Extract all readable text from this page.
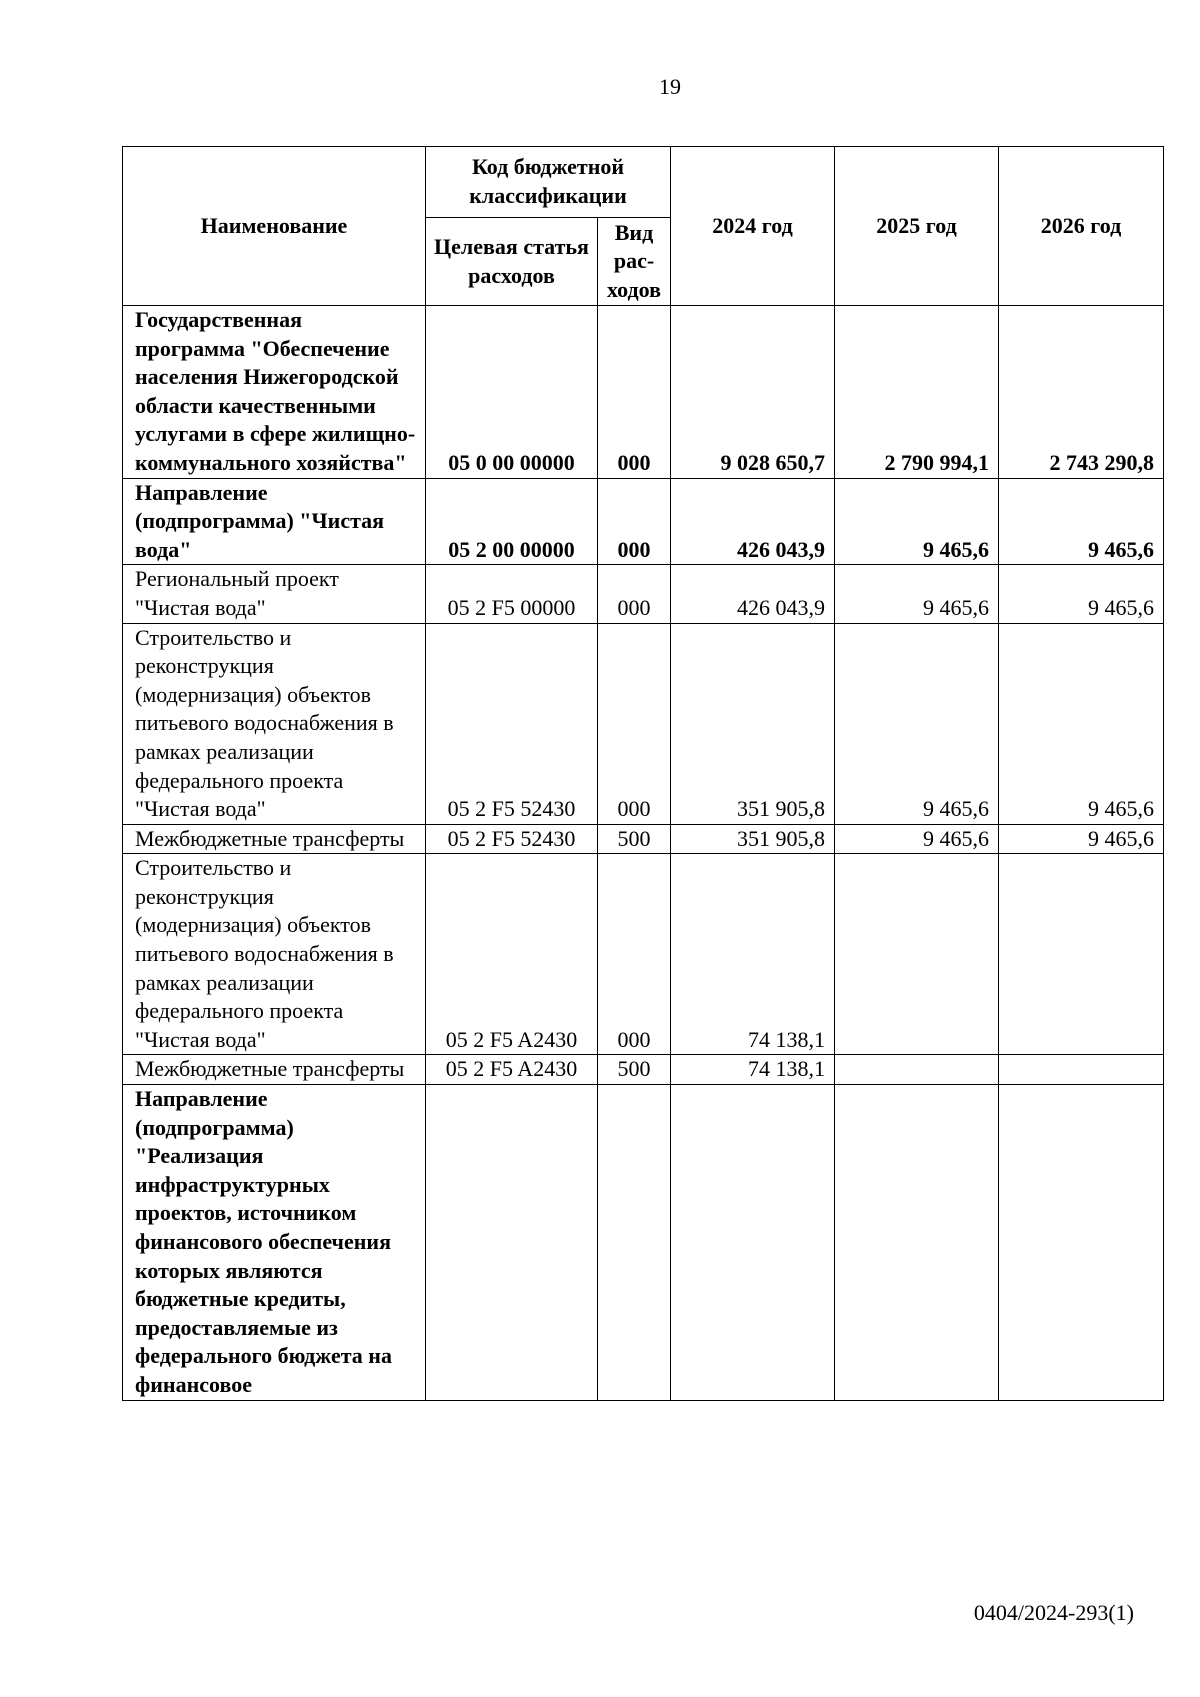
19
Наименование	Код бюджетной классификации		2024 год	2025 год	2026 год
	Целевая статья расходов	Вид рас-ходов			
Государственная программа "Обеспечение населения Нижегородской области качественными услугами в сфере жилищно-коммунального хозяйства"	05 0 00 00000	000	9 028 650,7	2 790 994,1	2 743 290,8
Направление (подпрограмма) "Чистая вода"	05 2 00 00000	000	426 043,9	9 465,6	9 465,6
Региональный проект "Чистая вода"	05 2 F5 00000	000	426 043,9	9 465,6	9 465,6
Строительство и реконструкция (модернизация) объектов питьевого водоснабжения в рамках реализации федерального проекта "Чистая вода"	05 2 F5 52430	000	351 905,8	9 465,6	9 465,6
Межбюджетные трансферты	05 2 F5 52430	500	351 905,8	9 465,6	9 465,6
Строительство и реконструкция (модернизация) объектов питьевого водоснабжения в рамках реализации федерального проекта "Чистая вода"	05 2 F5 A2430	000	74 138,1		
Межбюджетные трансферты	05 2 F5 A2430	500	74 138,1		
Направление (подпрограмма) "Реализация инфраструктурных проектов, источником финансового обеспечения которых являются бюджетные кредиты, предоставляемые из федерального бюджета на финансовое					
0404/2024-293(1)
